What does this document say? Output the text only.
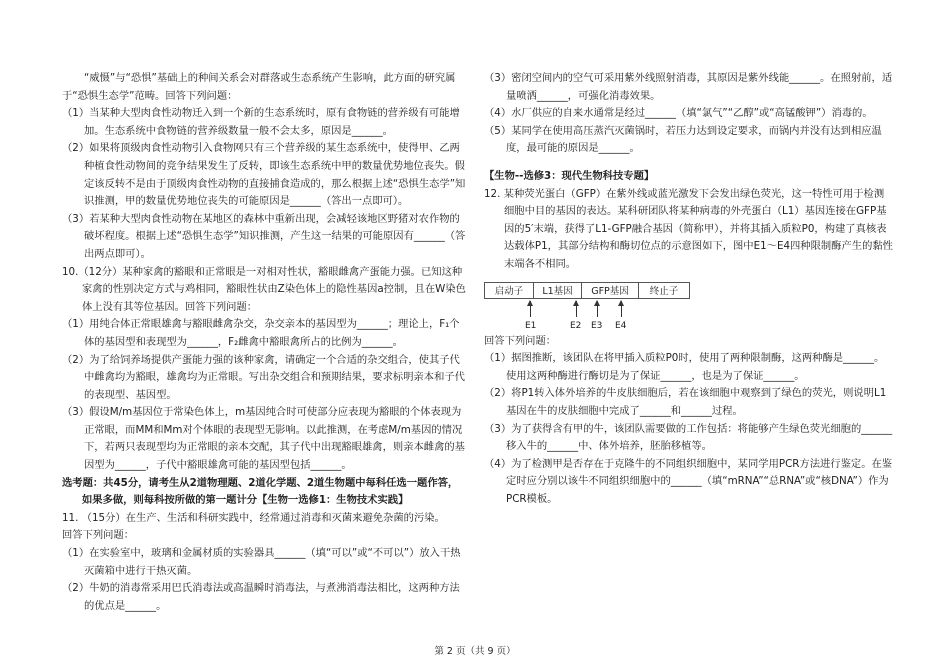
“威慑”与“恐惧”基础上的种间关系会对群落或生态系统产生影响，此方面的研究属于“恐惧生态学”范畴。回答下列问题：

（1）当某种大型肉食性动物迁入到一个新的生态系统时，原有食物链的营养级有可能增加。生态系统中食物链的营养级数量一般不会太多，原因是______。

（2）如果将顶级肉食性动物引入食物网只有三个营养级的某生态系统中，使得甲、乙两种植食性动物间的竞争结果发生了反转，即该生态系统中甲的数量优势地位丧失。假定该反转不是由于顶级肉食性动物的直接捕食造成的，那么根据上述“恐惧生态学”知识推测，甲的数量优势地位丧失的可能原因是______（答出一点即可）。

（3）若某种大型肉食性动物在某地区的森林中重新出现，会减轻该地区野猪对农作物的破坏程度。根据上述“恐惧生态学”知识推测，产生这一结果的可能原因有______（答出两点即可）。

10.（12分）某种家禽的豁眼和正常眼是一对相对性状，豁眼雌禽产蛋能力强。已知这种家禽的性别决定方式与鸡相同，豁眼性状由Z染色体上的隐性基因a控制，且在W染色体上没有其等位基因。回答下列问题：

（1）用纯合体正常眼雄禽与豁眼雌禽杂交，杂交亲本的基因型为______；理论上，F₁个体的基因型和表现型为______，F₂雌禽中豁眼禽所占的比例为______。

（2）为了给饲养场提供产蛋能力强的该种家禽，请确定一个合适的杂交组合，使其子代中雌禽均为豁眼，雄禽均为正常眼。写出杂交组合和预期结果，要求标明亲本和子代的表现型、基因型。

（3）假设M/m基因位于常染色体上，m基因纯合时可使部分应表现为豁眼的个体表现为正常眼，而MM和Mm对个体眼的表现型无影响。以此推测，在考虑M/m基因的情况下，若两只表现型均为正常眼的亲本交配，其子代中出现豁眼雄禽，则亲本雌禽的基因型为______，子代中豁眼雄禽可能的基因型包括______。

选考题：共45分，请考生从2道物理题、2道化学题、2道生物题中每科任选一题作答，如果多做，则每科按所做的第一题计分【生物一选修1：生物技术实践】

11. （15分）在生产、生活和科研实践中，经常通过消毒和灭菌来避免杂菌的污染。

回答下列问题：

（1）在实验室中，玻璃和金属材质的实验器具______（填“可以”或“不可以”）放入干热灭菌箱中进行干热灭菌。

（2）牛奶的消毒常采用巴氏消毒法或高温瞬时消毒法，与煮沸消毒法相比，这两种方法的优点是______。

（3）密闭空间内的空气可采用紫外线照射消毒，其原因是紫外线能______。在照射前，适量喷洒______，可强化消毒效果。

（4）水厂供应的自来水通常是经过______（填“氯气”“乙醇”或“高锰酸钾”）消毒的。

（5）某同学在使用高压蒸汽灭菌锅时，若压力达到设定要求，而锅内并没有达到相应温度，最可能的原因是______。

【生物--选修3：现代生物科技专题】

12. 某种荧光蛋白（GFP）在紫外线或蓝光激发下会发出绿色荧光，这一特性可用于检测细胞中目的基因的表达。某科研团队将某种病毒的外壳蛋白（L1）基因连接在GFP基因的5′末端，获得了L1-GFP融合基因（简称甲），并将其插入质粒P0，构建了真核表达载体P1，其部分结构和酶切位点的示意图如下，图中E1～E4四种限制酶产生的黏性末端各不相同。

启动子	L1基因	GFP基因	终止子
E1	E2 E3 E4

回答下列问题：

（1）据图推断，该团队在将甲插入质粒P0时，使用了两种限制酶，这两种酶是______。使用这两种酶进行酶切是为了保证______，也是为了保证______。

（2）将P1转入体外培养的牛皮肤细胞后，若在该细胞中观察到了绿色的荧光，则说明L1基因在牛的皮肤细胞中完成了______和______过程。

（3）为了获得含有甲的牛，该团队需要做的工作包括：将能够产生绿色荧光细胞的______移入牛的______中、体外培养，胚胎移植等。

（4）为了检测甲是否存在于克隆牛的不同组织细胞中，某同学用PCR方法进行鉴定。在鉴定时应分别以该牛不同组织细胞中的______（填“mRNA”“总RNA”或“核DNA”）作为PCR模板。

第 2 页（共 9 页）
